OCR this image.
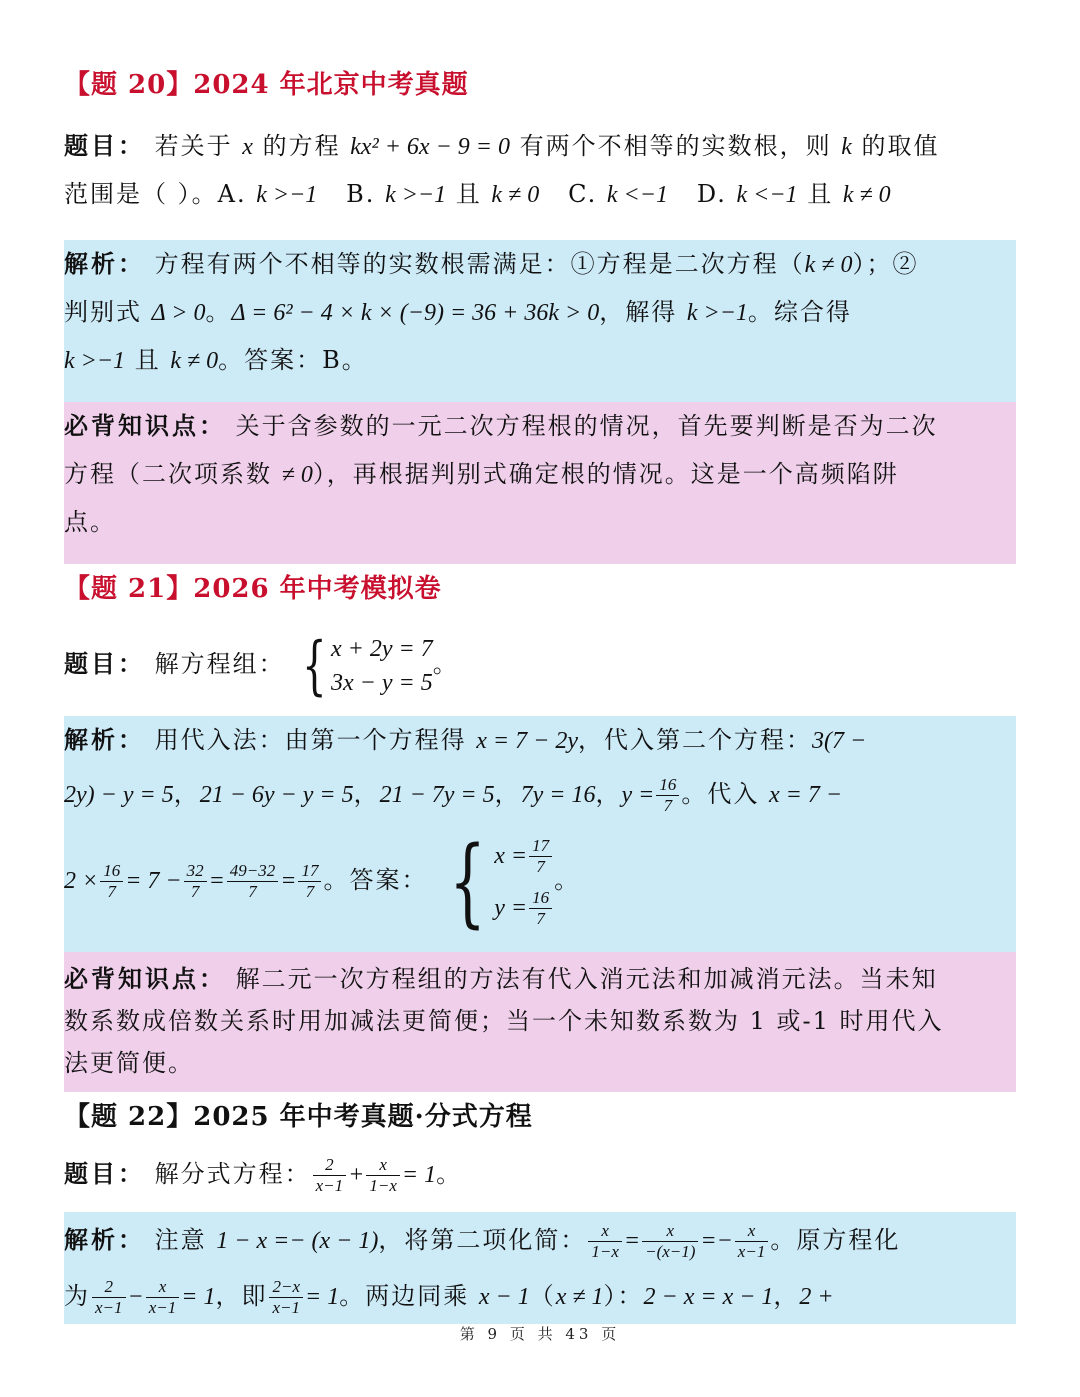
【题 20】2024 年北京中考真题
题目： 若关于 x 的方程 kx² + 6x − 9 = 0 有两个不相等的实数根，则 k 的取值
范围是（ ）。A. k >−1 B. k >−1 且 k ≠ 0 C. k <−1 D. k <−1 且 k ≠ 0
解析： 方程有两个不相等的实数根需满足：①方程是二次方程（k ≠ 0）；②
判别式 Δ > 0。Δ = 6² − 4 × k × (−9) = 36 + 36k > 0，解得 k >−1。综合得
k >−1 且 k ≠ 0。答案：B。
必背知识点： 关于含参数的一元二次方程根的情况，首先要判断是否为二次
方程（二次项系数 ≠ 0），再根据判别式确定根的情况。这是一个高频陷阱
点。
【题 21】2026 年中考模拟卷
题目： 解方程组： { x + 2y = 7
3x − y = 5
。
解析： 用代入法：由第一个方程得 x = 7 − 2y，代入第二个方程：3(7 −
2y) − y = 5，21 − 6y − y = 5，21 − 7y = 5，7y = 16，$y = \frac{16}{7}$ 。代入 x = 7 −
$2 \times \frac{16}{7} = 7 - \frac{32}{7} = \frac{49-32}{7} = \frac{17}{7}$ 。答案： { $x = \frac{17}{7}$
$y = \frac{16}{7}$
。
必背知识点： 解二元一次方程组的方法有代入消元法和加减消元法。当未知
数系数成倍数关系时用加减法更简便；当一个未知数系数为 1 或-1 时用代入
法更简便。
【题 22】2025 年中考真题·分式方程
题目： 解分式方程： $\frac{2}{x-1} + \frac{x}{1-x} = 1$。
解析： 注意 1 − x =− (x − 1)，将第二项化简： $\frac{x}{1-x} = \frac{x}{-(x-1)} =- \frac{x}{x-1}$ 。原方程化
为 $\frac{2}{x-1} - \frac{x}{x-1} = 1$，即 $\frac{2-x}{x-1} = 1$。两边同乘 x − 1（x ≠ 1）：2 − x = x − 1，2 +
第 9 页 共 43 页
